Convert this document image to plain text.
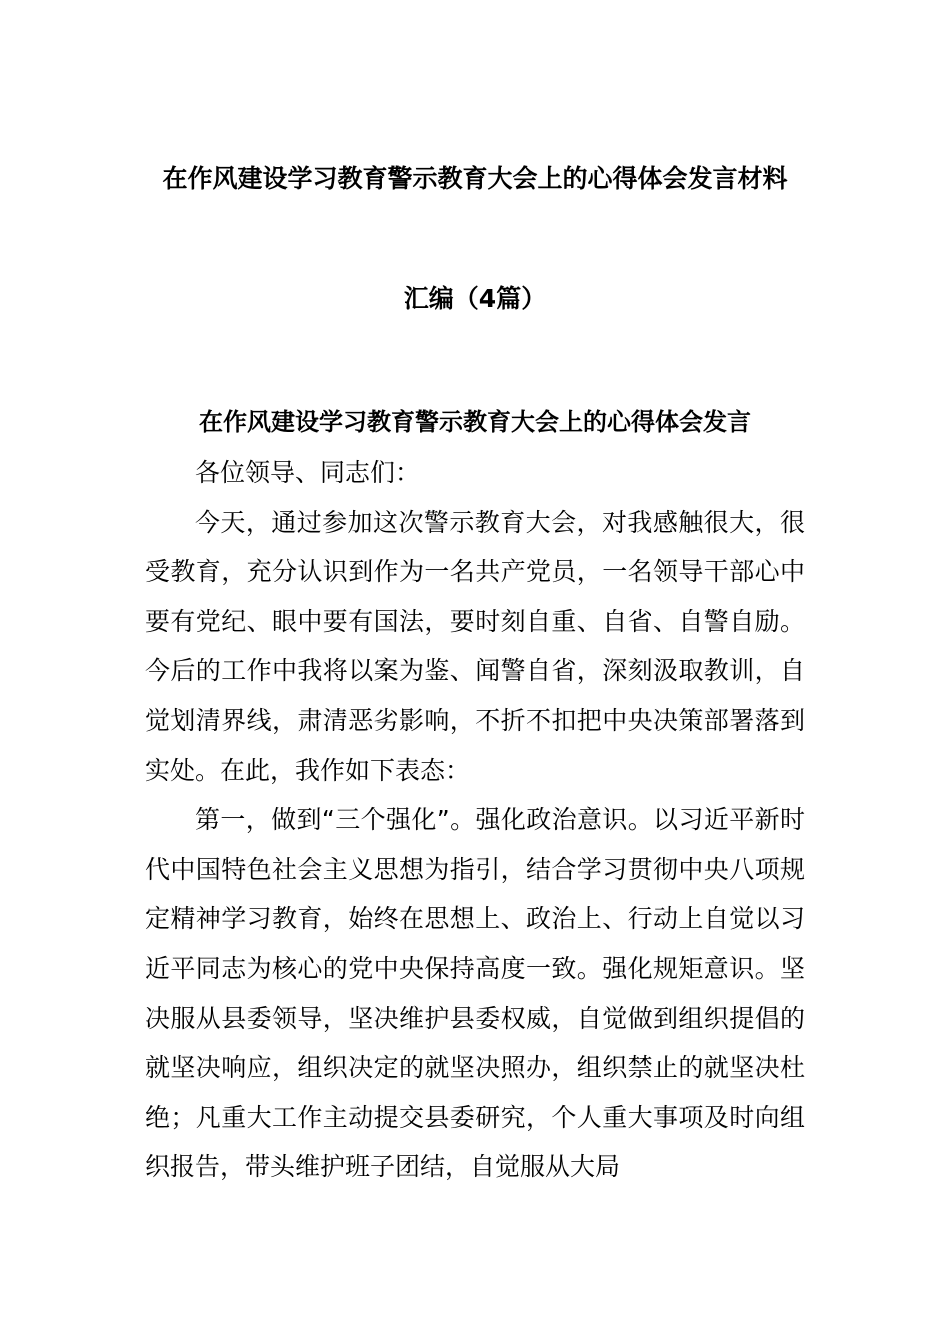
在作风建设学习教育警示教育大会上的心得体会发言材料
汇编（4篇）
在作风建设学习教育警示教育大会上的心得体会发言

各位领导、同志们：

今天，通过参加这次警示教育大会，对我感触很大，很受教育，充分认识到作为一名共产党员，一名领导干部心中要有党纪、眼中要有国法，要时刻自重、自省、自警自励。今后的工作中我将以案为鉴、闻警自省，深刻汲取教训，自觉划清界线，肃清恶劣影响，不折不扣把中央决策部署落到实处。在此，我作如下表态：

第一，做到“三个强化”。强化政治意识。以习近平新时代中国特色社会主义思想为指引，结合学习贯彻中央八项规定精神学习教育，始终在思想上、政治上、行动上自觉以习近平同志为核心的党中央保持高度一致。强化规矩意识。坚决服从县委领导，坚决维护县委权威，自觉做到组织提倡的就坚决响应，组织决定的就坚决照办，组织禁止的就坚决杜绝；凡重大工作主动提交县委研究，个人重大事项及时向组织报告，带头维护班子团结，自觉服从大局
